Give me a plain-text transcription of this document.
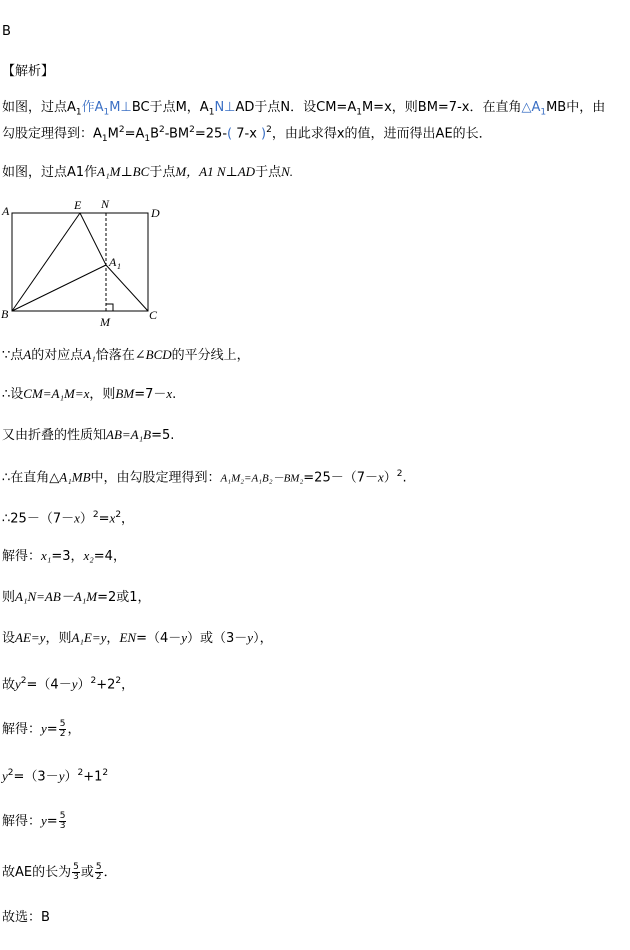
B
【解析】
如图，过点$A_1$作$A_1M\perp BC$于点M，$A_1N\perp AD$于点N．设$CM=A_1M=x$，则BM=7-x．在直角$\triangle A_1MB$中，由
勾股定理得到：$A_1M^2=A_1B^2-BM^2=25-$( 7-x )$^2$，由此求得x的值，进而得出AE的长．
如图，过点A1作A₁M⊥BC于点M，A1 N⊥AD于点N.
A	E N
D
A 1
B
M	C
∵点A的对应点A₁恰落在∠BCD的平分线上，
∴设CM=A₁M=x，则BM=7－x.
又由折叠的性质知AB=A₁B=5.
∴在直角△A₁MB中，由勾股定理得到：$A_1M_2=A_1B_2-BM_2=25-(7-x)^2$.
$\therefore 25-(7-x)^2=x^2$，
解得：x₁=3，x₂=4，
则A₁N=AB－A₁M=2或1，
设AE=y，则A₁E=y，EN=（4－y）或（3－y），
故$y^2=(4-y)^2+2^2$，
解得：$y= \frac{5}{2}$ ，
$y^2=(3-y)^2+1^2$
解得：$y= \frac{5}{3}$
故AE的长为 $\frac{5}{3}$ 或 $\frac{5}{2}$ ．
故选：B
